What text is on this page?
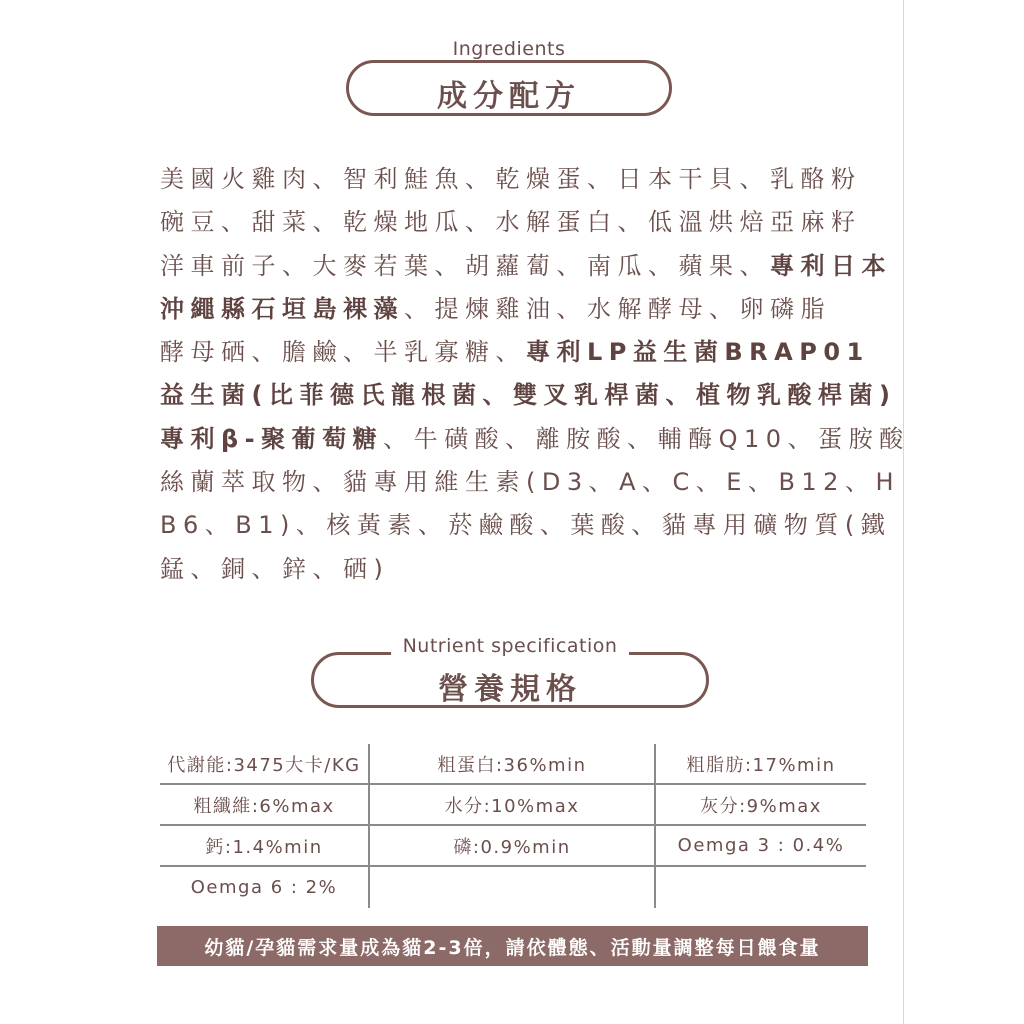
Ingredients
成分配方
美國火雞肉、智利鮭魚、乾燥蛋、日本干貝、乳酪粉
碗豆、甜菜、乾燥地瓜、水解蛋白、低溫烘焙亞麻籽
洋車前子、大麥若葉、胡蘿蔔、南瓜、蘋果、專利日本
沖繩縣石垣島裸藻、提煉雞油、水解酵母、卵磷脂
酵母硒、膽鹼、半乳寡糖、專利LP益生菌BRAP01
益生菌(比菲德氏龍根菌、雙叉乳桿菌、植物乳酸桿菌)
專利β-聚葡萄糖、牛磺酸、離胺酸、輔酶Q10、蛋胺酸
絲蘭萃取物、貓專用維生素(D3、A、C、E、B12、H
B6、B1)、核黃素、菸鹼酸、葉酸、貓專用礦物質(鐵
錳、銅、鋅、硒)
Nutrient specification
營養規格
代謝能:3475大卡/KG	粗蛋白:36%min	粗脂肪:17%min
粗纖維:6%max	水分:10%max	灰分:9%max
鈣:1.4%min	磷:0.9%min	Oemga 3 : 0.4%
Oemga 6 : 2%
幼貓/孕貓需求量成為貓2-3倍，請依體態、活動量調整每日餵食量
